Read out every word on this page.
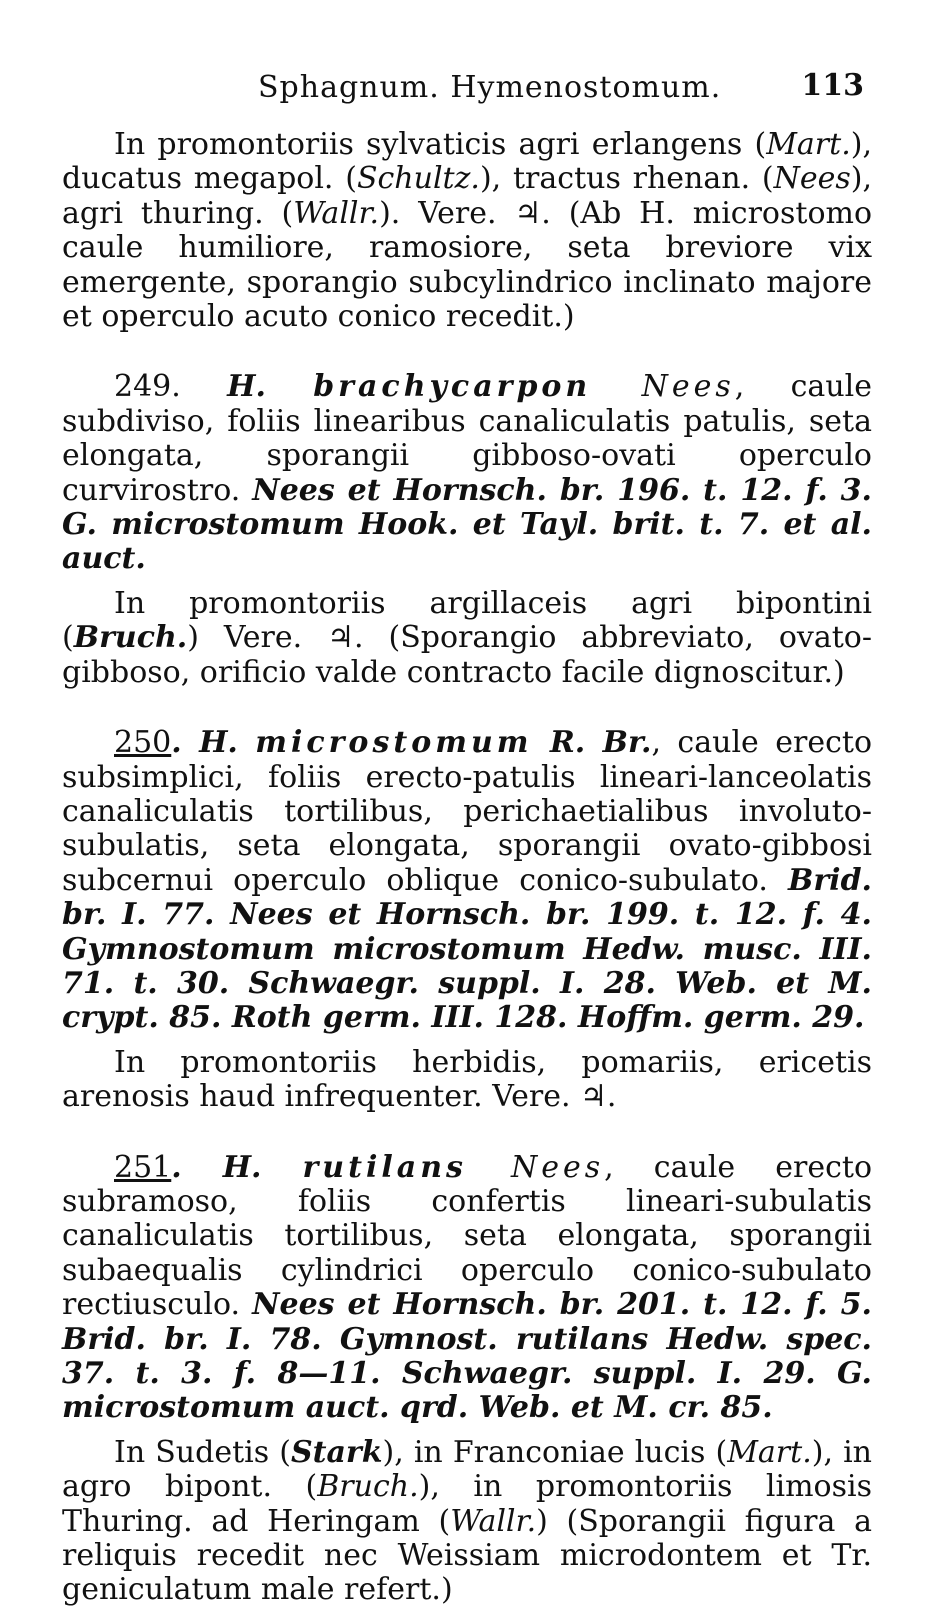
Sphagnum. Hymenostomum.	113

In promontoriis sylvaticis agri erlangens (Mart.), ducatus megapol. (Schultz.), tractus rhenan. (Nees), agri thuring. (Wallr.). Vere. ♃. (Ab H. microstomo caule humiliore, ramosiore, seta breviore vix emergente, sporangio subcylindrico inclinato majore et operculo acuto conico recedit.)

249. H. brachycarpon Nees, caule subdiviso, foliis linearibus canaliculatis patulis, seta elongata, sporangii gibboso-ovati operculo curvirostro. Nees et Hornsch. br. 196. t. 12. f. 3. G. microstomum Hook. et Tayl. brit. t. 7. et al. auct.

In promontoriis argillaceis agri bipontini (Bruch.) Vere. ♃. (Sporangio abbreviato, ovato-gibboso, orificio valde contracto facile dignoscitur.)

250. H. microstomum R. Br., caule erecto subsimplici, foliis erecto-patulis lineari-lanceolatis canaliculatis tortilibus, perichaetialibus involuto-subulatis, seta elongata, sporangii ovato-gibbosi subcernui operculo oblique conico-subulato. Brid. br. I. 77. Nees et Hornsch. br. 199. t. 12. f. 4. Gymnostomum microstomum Hedw. musc. III. 71. t. 30. Schwaegr. suppl. I. 28. Web. et M. crypt. 85. Roth germ. III. 128. Hoffm. germ. 29.

In promontoriis herbidis, pomariis, ericetis arenosis haud infrequenter. Vere. ♃.

251. H. rutilans Nees, caule erecto subramoso, foliis confertis lineari-subulatis canaliculatis tortilibus, seta elongata, sporangii subaequalis cylindrici operculo conico-subulato rectiusculo. Nees et Hornsch. br. 201. t. 12. f. 5. Brid. br. I. 78. Gymnost. rutilans Hedw. spec. 37. t. 3. f. 8—11. Schwaegr. suppl. I. 29. G. microstomum auct. qrd. Web. et M. cr. 85.

In Sudetis (Stark), in Franconiae lucis (Mart.), in agro bipont. (Bruch.), in promontoriis limosis Thuring. ad Heringam (Wallr.) (Sporangii figura a reliquis recedit nec Weissiam microdontem et Tr. geniculatum male refert.)
